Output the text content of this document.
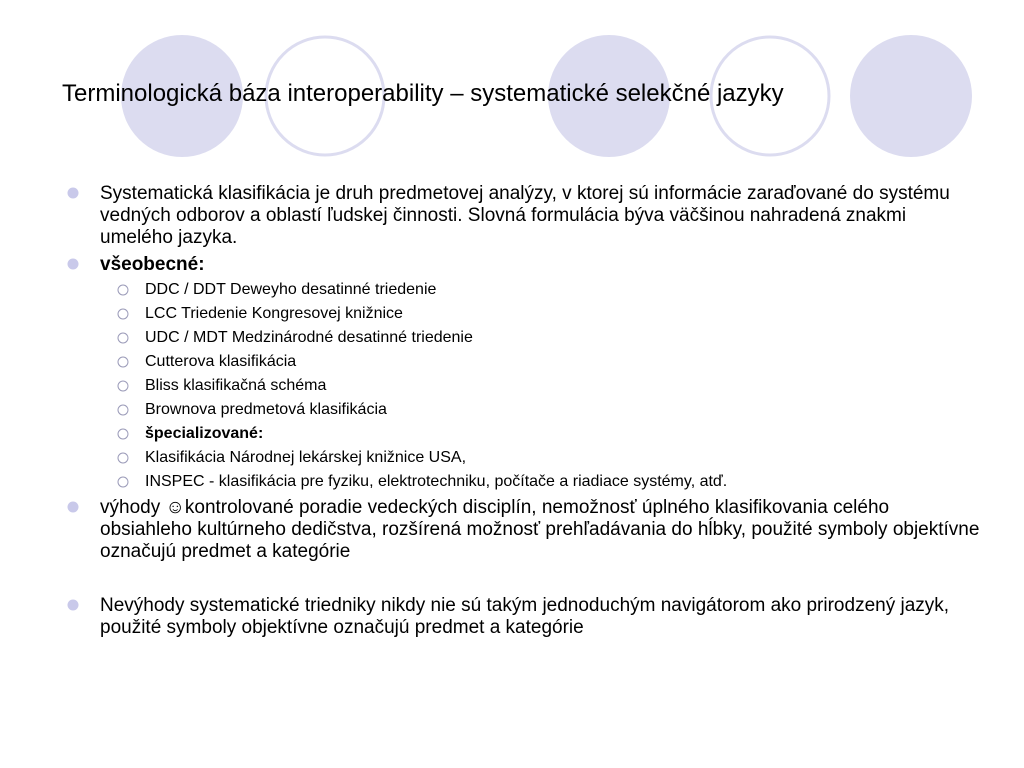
Terminologická báza interoperability – systematické selekčné jazyky
Systematická klasifikácia je druh predmetovej analýzy, v ktorej sú informácie zaraďované do systému vedných odborov a oblastí ľudskej činnosti. Slovná formulácia býva väčšinou nahradená znakmi umelého jazyka.
všeobecné:
DDC / DDT Deweyho desatinné triedenie
LCC Triedenie Kongresovej knižnice
UDC / MDT Medzinárodné desatinné triedenie
Cutterova klasifikácia
Bliss klasifikačná schéma
Brownova predmetová klasifikácia
špecializované:
Klasifikácia Národnej lekárskej knižnice USA,
INSPEC - klasifikácia pre fyziku, elektrotechniku, počítače a riadiace systémy, atď.
výhody ☺kontrolované poradie vedeckých disciplín, nemožnosť úplného klasifikovania celého obsiahleho kultúrneho dedičstva, rozšírená možnosť prehľadávania do hĺbky, použité symboly objektívne označujú predmet a kategórie
Nevýhody systematické triedniky nikdy nie sú takým jednoduchým navigátorom ako prirodzený jazyk, použité symboly objektívne označujú predmet a kategórie
